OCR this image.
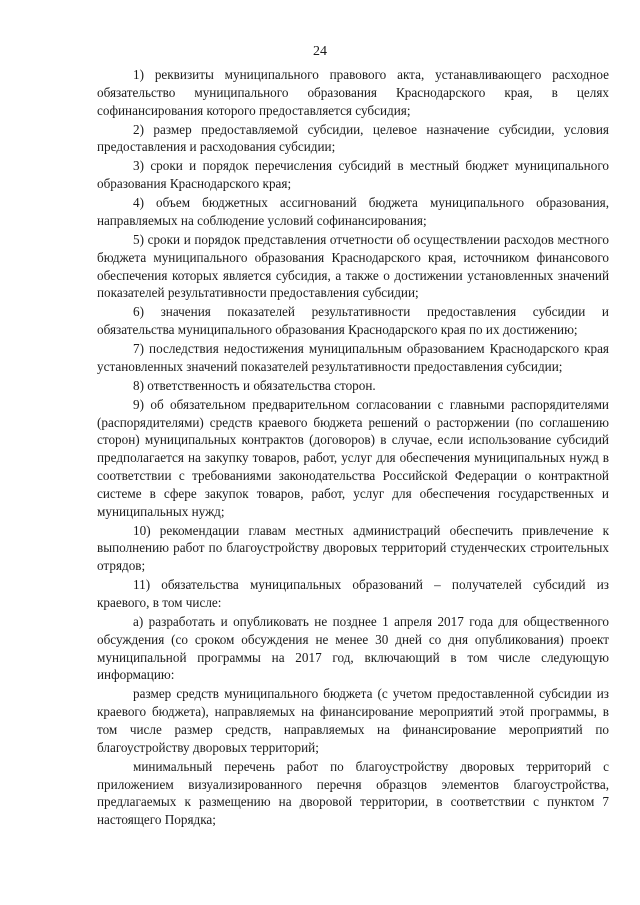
24

1) реквизиты муниципального правового акта, устанавливающего расходное обязательство муниципального образования Краснодарского края, в целях софинансирования которого предоставляется субсидия;

2) размер предоставляемой субсидии, целевое назначение субсидии, условия предоставления и расходования субсидии;

3) сроки и порядок перечисления субсидий в местный бюджет муниципального образования Краснодарского края;

4) объем бюджетных ассигнований бюджета муниципального образования, направляемых на соблюдение условий софинансирования;

5) сроки и порядок представления отчетности об осуществлении расходов местного бюджета муниципального образования Краснодарского края, источником финансового обеспечения которых является субсидия, а также о достижении установленных значений показателей результативности предоставления субсидии;

6) значения показателей результативности предоставления субсидии и обязательства муниципального образования Краснодарского края по их достижению;

7) последствия недостижения муниципальным образованием Краснодарского края установленных значений показателей результативности предоставления субсидии;

8) ответственность и обязательства сторон.

9) об обязательном предварительном согласовании с главными распорядителями (распорядителями) средств краевого бюджета решений о расторжении (по соглашению сторон) муниципальных контрактов (договоров) в случае, если использование субсидий предполагается на закупку товаров, работ, услуг для обеспечения муниципальных нужд в соответствии с требованиями законодательства Российской Федерации о контрактной системе в сфере закупок товаров, работ, услуг для обеспечения государственных и муниципальных нужд;

10) рекомендации главам местных администраций обеспечить привлечение к выполнению работ по благоустройству дворовых территорий студенческих строительных отрядов;

11) обязательства муниципальных образований – получателей субсидий из краевого, в том числе:

а) разработать и опубликовать не позднее 1 апреля 2017 года для общественного обсуждения (со сроком обсуждения не менее 30 дней со дня опубликования) проект муниципальной программы на 2017 год, включающий в том числе следующую информацию:

размер средств муниципального бюджета (с учетом предоставленной субсидии из краевого бюджета), направляемых на финансирование мероприятий этой программы, в том числе размер средств, направляемых на финансирование мероприятий по благоустройству дворовых территорий;

минимальный перечень работ по благоустройству дворовых территорий с приложением визуализированного перечня образцов элементов благоустройства, предлагаемых к размещению на дворовой территории, в соответствии с пунктом 7 настоящего Порядка;
